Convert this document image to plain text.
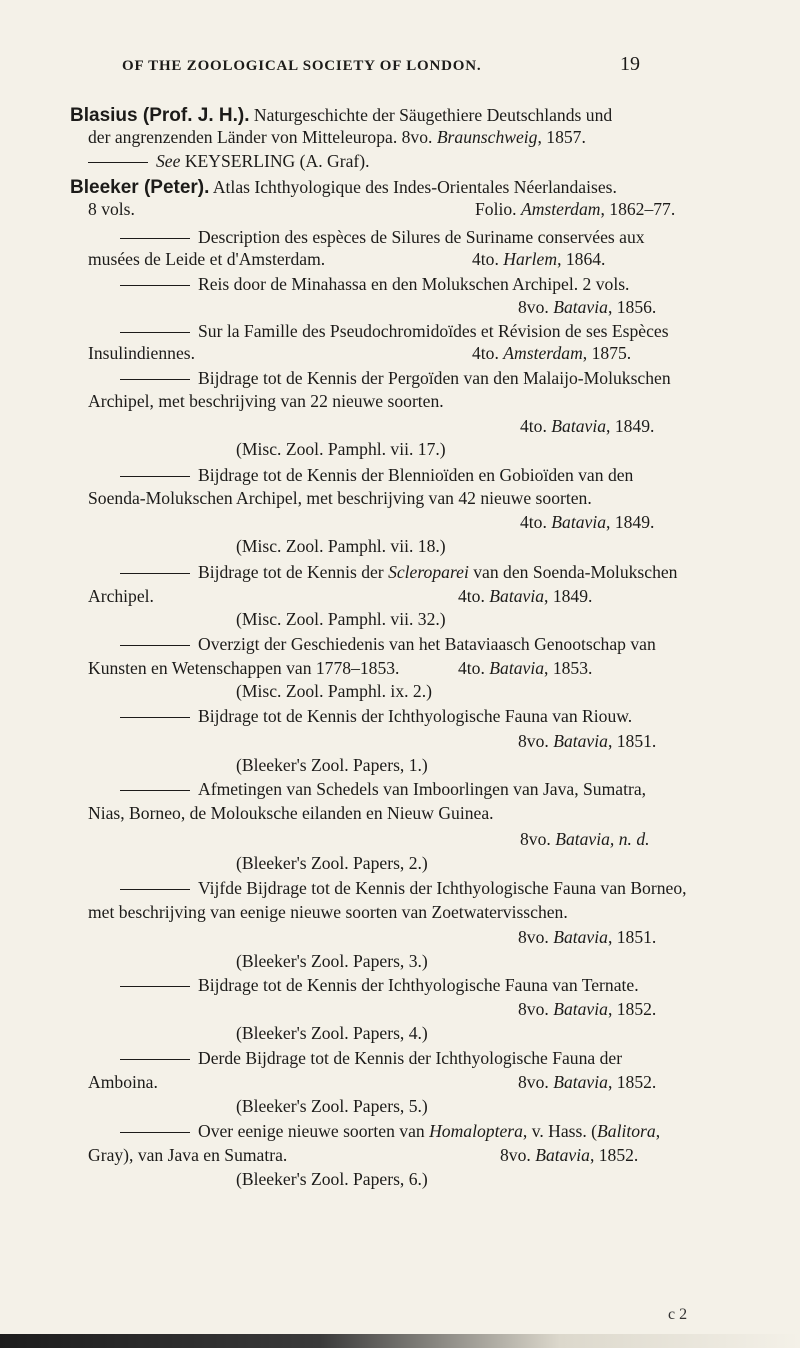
OF THE ZOOLOGICAL SOCIETY OF LONDON.	19
Blasius (Prof. J. H.). Naturgeschichte der Säugethiere Deutschlands und
der angrenzenden Länder von Mitteleuropa. 8vo. Braunschweig, 1857.
See KEYSERLING (A. Graf).
Bleeker (Peter). Atlas Ichthyologique des Indes-Orientales Néerlandaises.
8 vols.	Folio. Amsterdam, 1862–77.
Description des espèces de Silures de Suriname conservées aux
musées de Leide et d'Amsterdam.	4to. Harlem, 1864.
Reis door de Minahassa en den Molukschen Archipel. 2 vols.
8vo. Batavia, 1856.
Sur la Famille des Pseudochromidoïdes et Révision de ses Espèces
Insulindiennes.	4to. Amsterdam, 1875.
Bijdrage tot de Kennis der Pergoïden van den Malaijo-Molukschen
Archipel, met beschrijving van 22 nieuwe soorten.
4to. Batavia, 1849.
(Misc. Zool. Pamphl. vii. 17.)
Bijdrage tot de Kennis der Blennioïden en Gobioïden van den
Soenda-Molukschen Archipel, met beschrijving van 42 nieuwe soorten.
4to. Batavia, 1849.
(Misc. Zool. Pamphl. vii. 18.)
Bijdrage tot de Kennis der Scleroparei van den Soenda-Molukschen
Archipel.	4to. Batavia, 1849.
(Misc. Zool. Pamphl. vii. 32.)
Overzigt der Geschiedenis van het Bataviaasch Genootschap van
Kunsten en Wetenschappen van 1778–1853.	4to. Batavia, 1853.
(Misc. Zool. Pamphl. ix. 2.)
Bijdrage tot de Kennis der Ichthyologische Fauna van Riouw.
8vo. Batavia, 1851.
(Bleeker's Zool. Papers, 1.)
Afmetingen van Schedels van Imboorlingen van Java, Sumatra,
Nias, Borneo, de Molouksche eilanden en Nieuw Guinea.
8vo. Batavia, n. d.
(Bleeker's Zool. Papers, 2.)
Vijfde Bijdrage tot de Kennis der Ichthyologische Fauna van Borneo,
met beschrijving van eenige nieuwe soorten van Zoetwatervisschen.
8vo. Batavia, 1851.
(Bleeker's Zool. Papers, 3.)
Bijdrage tot de Kennis der Ichthyologische Fauna van Ternate.
8vo. Batavia, 1852.
(Bleeker's Zool. Papers, 4.)
Derde Bijdrage tot de Kennis der Ichthyologische Fauna der
Amboina.	8vo. Batavia, 1852.
(Bleeker's Zool. Papers, 5.)
Over eenige nieuwe soorten van Homaloptera, v. Hass. (Balitora,
Gray), van Java en Sumatra.	8vo. Batavia, 1852.
(Bleeker's Zool. Papers, 6.)
c 2
